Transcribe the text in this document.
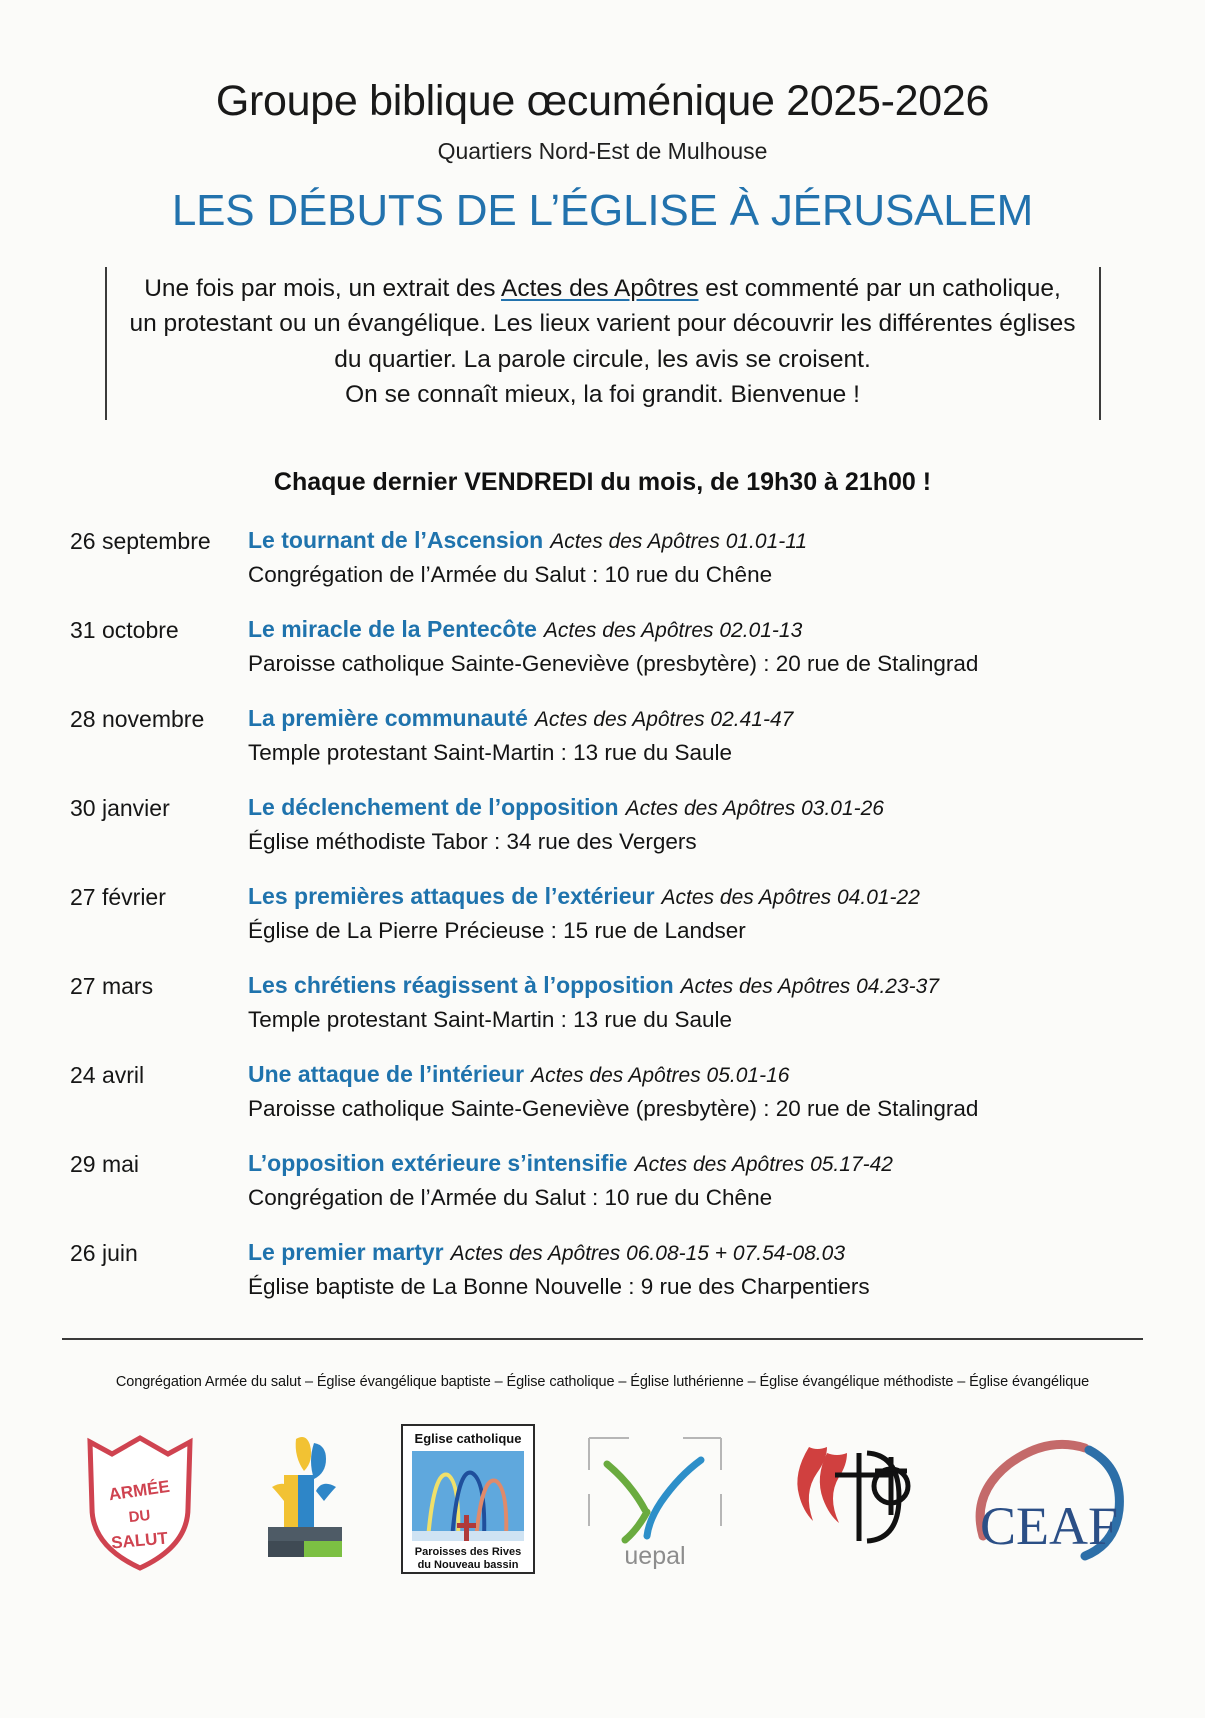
Groupe biblique œcuménique 2025-2026
Quartiers Nord-Est de Mulhouse
LES DÉBUTS DE L’ÉGLISE À JÉRUSALEM
Une fois par mois, un extrait des Actes des Apôtres est commenté par un catholique, un protestant ou un évangélique. Les lieux varient pour découvrir les différentes églises du quartier. La parole circule, les avis se croisent.
On se connaît mieux, la foi grandit. Bienvenue !
Chaque dernier VENDREDI du mois, de 19h30 à 21h00 !
26 septembre	Le tournant de l’Ascension Actes des Apôtres 01.01-11
Congrégation de l’Armée du Salut : 10 rue du Chêne
31 octobre	Le miracle de la Pentecôte Actes des Apôtres 02.01-13
Paroisse catholique Sainte-Geneviève (presbytère) : 20 rue de Stalingrad
28 novembre	La première communauté Actes des Apôtres 02.41-47
Temple protestant Saint-Martin : 13 rue du Saule
30 janvier	Le déclenchement de l’opposition Actes des Apôtres 03.01-26
Église méthodiste Tabor : 34 rue des Vergers
27 février	Les premières attaques de l’extérieur Actes des Apôtres 04.01-22
Église de La Pierre Précieuse : 15 rue de Landser
27 mars	Les chrétiens réagissent à l’opposition Actes des Apôtres 04.23-37
Temple protestant Saint-Martin : 13 rue du Saule
24 avril	Une attaque de l’intérieur Actes des Apôtres 05.01-16
Paroisse catholique Sainte-Geneviève (presbytère) : 20 rue de Stalingrad
29 mai	L’opposition extérieure s’intensifie Actes des Apôtres 05.17-42
Congrégation de l’Armée du Salut : 10 rue du Chêne
26 juin	Le premier martyr Actes des Apôtres 06.08-15 + 07.54-08.03
Église baptiste de La Bonne Nouvelle : 9 rue des Charpentiers
Congrégation Armée du salut – Église évangélique baptiste – Église catholique – Église luthérienne – Église évangélique méthodiste – Église évangélique
ARMÉE
DU
SALUT
Eglise catholique
Paroisses des Rives
du Nouveau bassin	uepal	CEAF
